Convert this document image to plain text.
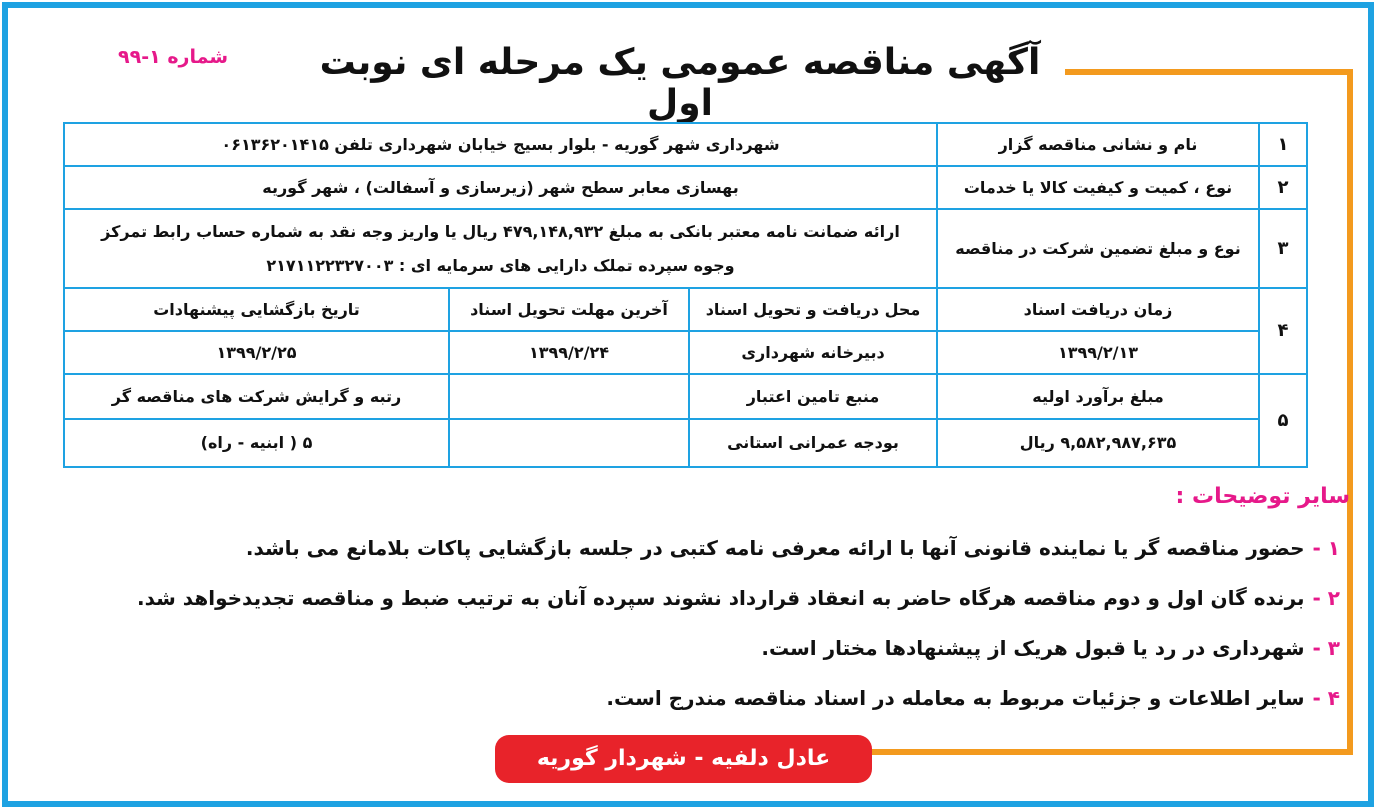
آگهی مناقصه عمومی یک مرحله ای نوبت اول
شماره ۱-۹۹
۱	نام و نشانی مناقصه گزار	شهرداری شهر گوریه - بلوار بسیج خیابان شهرداری تلفن ۰۶۱۳۶۲۰۱۴۱۵		
۲	نوع ، کمیت و کیفیت کالا یا خدمات	بهسازی معابر سطح شهر (زیرسازی و آسفالت) ، شهر گوریه		
۳	نوع و مبلغ تضمین شرکت در مناقصه	ارائه ضمانت نامه معتبر بانکی به مبلغ ۴۷۹,۱۴۸,۹۳۲ ریال یا واریز وجه نقد به شماره حساب رابط تمرکز
وجوه سپرده تملک دارایی های سرمایه ای : ۲۱۷۱۱۲۲۳۲۷۰۰۳		

۴	زمان دریافت اسناد	محل دریافت و تحویل اسناد	آخرین مهلت تحویل اسناد	تاریخ بازگشایی پیشنهادات
	۱۳۹۹/۲/۱۳	دبیرخانه شهرداری	۱۳۹۹/۲/۲۴	۱۳۹۹/۲/۲۵
۵	مبلغ برآورد اولیه	منبع تامین اعتبار		رتبه و گرایش شرکت های مناقصه گر
	۹,۵۸۲,۹۸۷,۶۳۵ ریال	بودجه عمرانی استانی		۵ ( ابنیه - راه)
سایر توضیحات :
۱ -حضور مناقصه گر یا نماینده قانونی آنها با ارائه معرفی نامه کتبی در جلسه بازگشایی پاکات بلامانع می باشد.
۲ -برنده گان اول و دوم مناقصه هرگاه حاضر به انعقاد قرارداد نشوند سپرده آنان به ترتیب ضبط و مناقصه تجدیدخواهد شد.
۳ -شهرداری در رد یا قبول هریک از پیشنهادها مختار است.
۴ -سایر اطلاعات و جزئیات مربوط به معامله در اسناد مناقصه مندرج است.
عادل دلفیه - شهردار گوریه
